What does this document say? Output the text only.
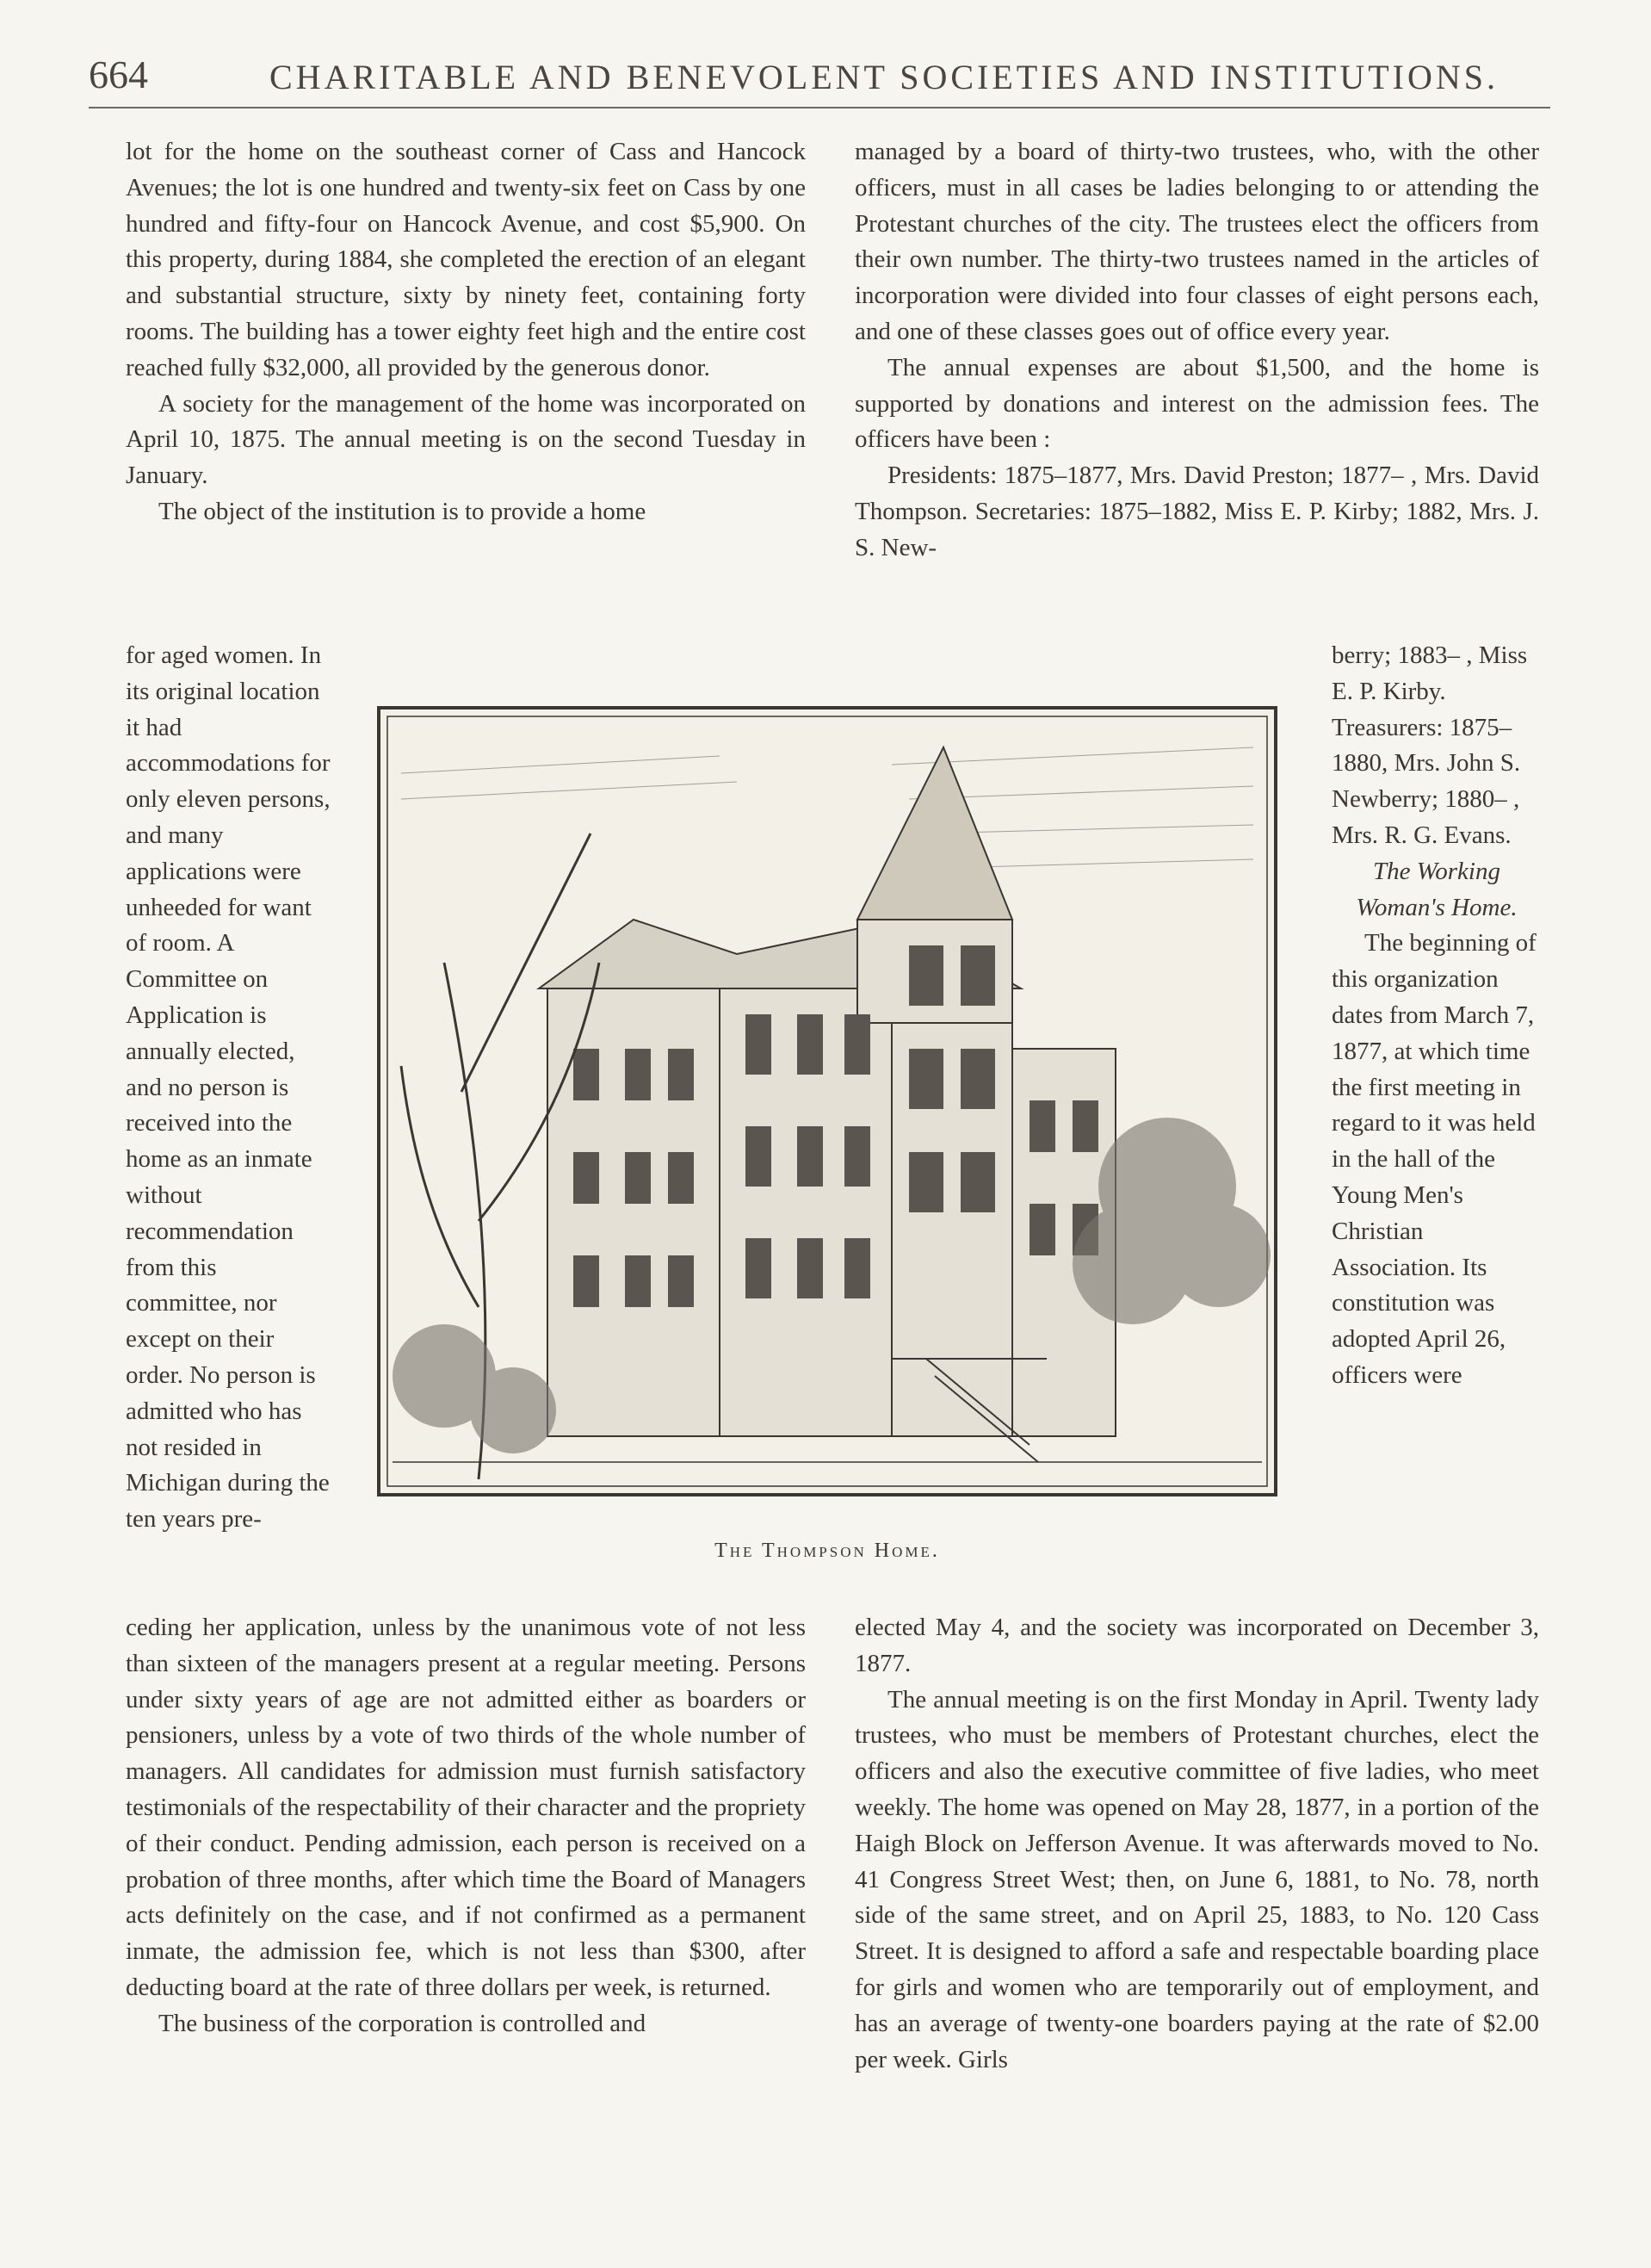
664	CHARITABLE AND BENEVOLENT SOCIETIES AND INSTITUTIONS.

lot for the home on the southeast corner of Cass and Hancock Avenues; the lot is one hundred and twenty-six feet on Cass by one hundred and fifty-four on Hancock Avenue, and cost $5,900. On this property, during 1884, she completed the erection of an elegant and substantial structure, sixty by ninety feet, containing forty rooms. The building has a tower eighty feet high and the entire cost reached fully $32,000, all provided by the generous donor.

A society for the management of the home was incorporated on April 10, 1875. The annual meeting is on the second Tuesday in January.

The object of the institution is to provide a home

for aged women. In its original location it had accommodations for only eleven persons, and many applications were unheeded for want of room. A Committee on Application is annually elected, and no person is received into the home as an inmate without recommendation from this committee, nor except on their order. No person is admitted who has not resided in Michigan during the ten years pre-

managed by a board of thirty-two trustees, who, with the other officers, must in all cases be ladies belonging to or attending the Protestant churches of the city. The trustees elect the officers from their own number. The thirty-two trustees named in the articles of incorporation were divided into four classes of eight persons each, and one of these classes goes out of office every year.

The annual expenses are about $1,500, and the home is supported by donations and interest on the admission fees. The officers have been :

Presidents: 1875–1877, Mrs. David Preston; 1877– , Mrs. David Thompson. Secretaries: 1875–1882, Miss E. P. Kirby; 1882, Mrs. J. S. New-

berry; 1883– , Miss E. P. Kirby. Treasurers: 1875–1880, Mrs. John S. Newberry; 1880– , Mrs. R. G. Evans.

The Working Woman's Home.

The beginning of this organization dates from March 7, 1877, at which time the first meeting in regard to it was held in the hall of the Young Men's Christian Association. Its constitution was adopted April 26, officers were

The Thompson Home.

ceding her application, unless by the unanimous vote of not less than sixteen of the managers present at a regular meeting. Persons under sixty years of age are not admitted either as boarders or pensioners, unless by a vote of two thirds of the whole number of managers. All candidates for admission must furnish satisfactory testimonials of the respectability of their character and the propriety of their conduct. Pending admission, each person is received on a probation of three months, after which time the Board of Managers acts definitely on the case, and if not confirmed as a permanent inmate, the admission fee, which is not less than $300, after deducting board at the rate of three dollars per week, is returned.

The business of the corporation is controlled and

elected May 4, and the society was incorporated on December 3, 1877.

The annual meeting is on the first Monday in April. Twenty lady trustees, who must be members of Protestant churches, elect the officers and also the executive committee of five ladies, who meet weekly. The home was opened on May 28, 1877, in a portion of the Haigh Block on Jefferson Avenue. It was afterwards moved to No. 41 Congress Street West; then, on June 6, 1881, to No. 78, north side of the same street, and on April 25, 1883, to No. 120 Cass Street. It is designed to afford a safe and respectable boarding place for girls and women who are temporarily out of employment, and has an average of twenty-one boarders paying at the rate of $2.00 per week. Girls
